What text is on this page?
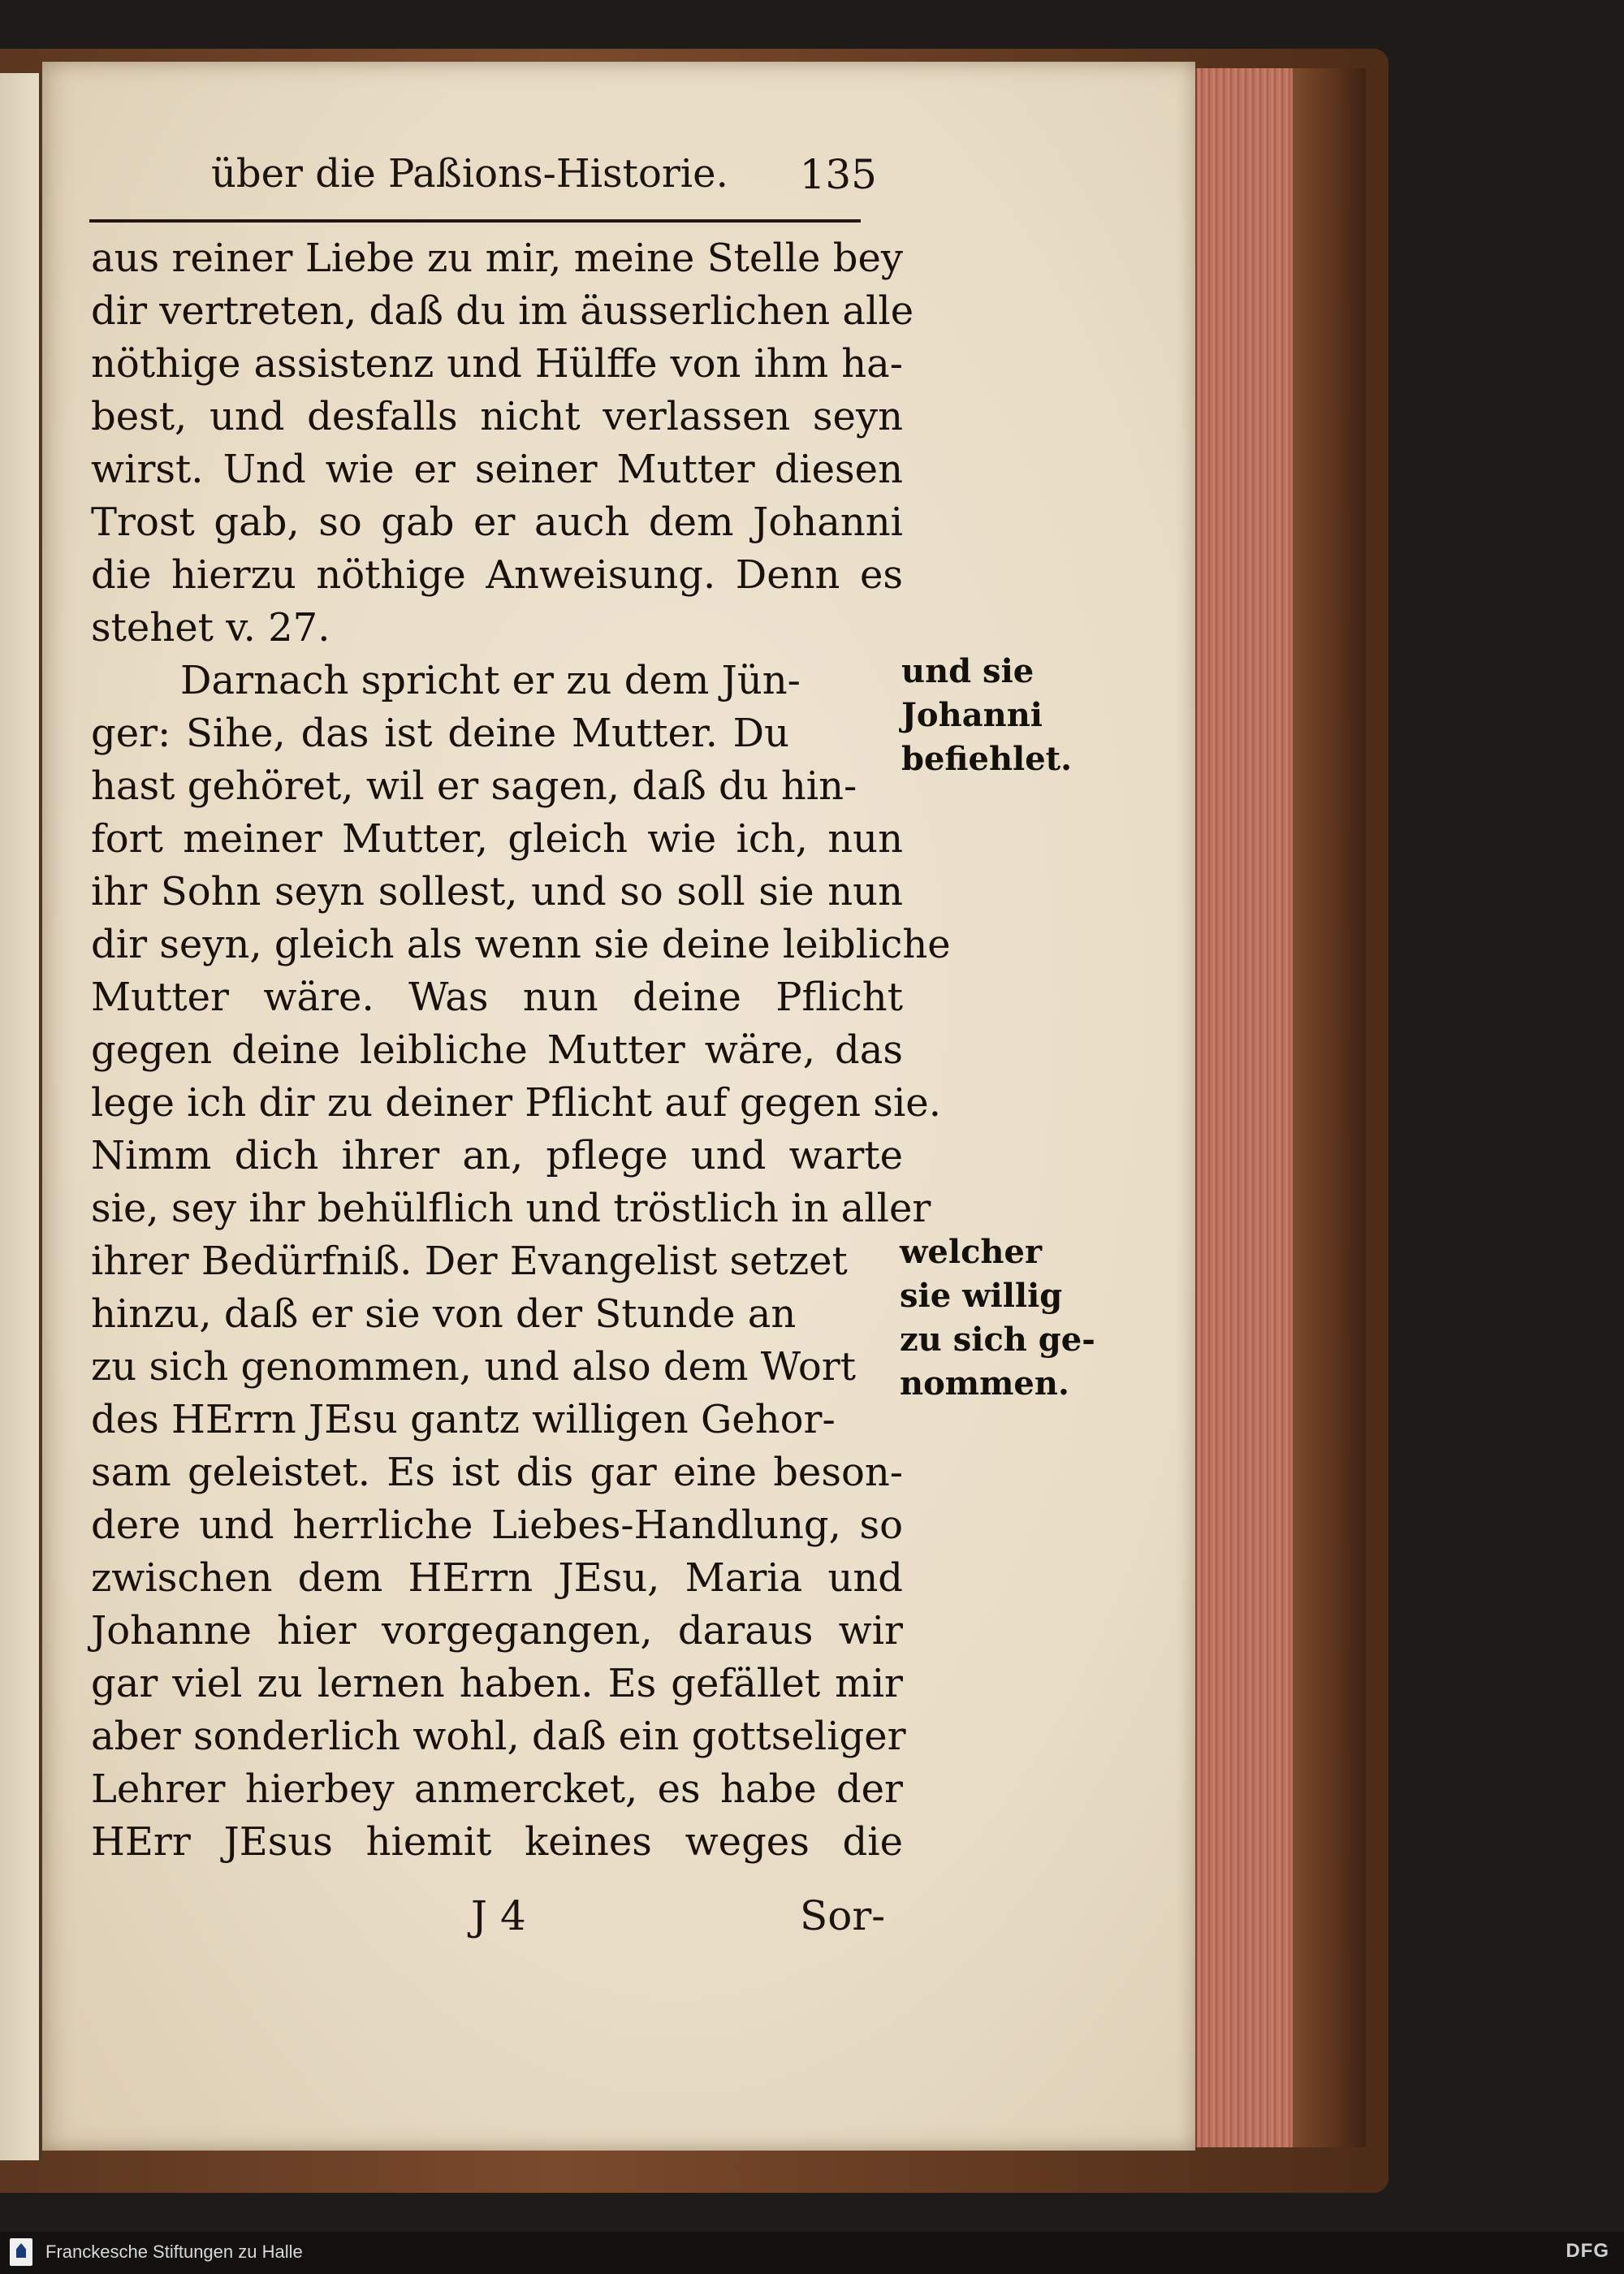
über die Paßions-Historie. 135
aus reiner Liebe zu mir, meine Stelle bey
dir vertreten, daß du im äusserlichen alle
nöthige assistenz und Hülffe von ihm ha-
best, und desfalls nicht verlassen seyn
wirst. Und wie er seiner Mutter diesen
Trost gab, so gab er auch dem Johanni
die hierzu nöthige Anweisung. Denn es
stehet v. 27.
Darnach spricht er zu dem Jün-
ger: Sihe, das ist deine Mutter. Du
hast gehöret, wil er sagen, daß du hin-
fort meiner Mutter, gleich wie ich, nun
ihr Sohn seyn sollest, und so soll sie nun
dir seyn, gleich als wenn sie deine leibliche
Mutter wäre. Was nun deine Pflicht
gegen deine leibliche Mutter wäre, das
lege ich dir zu deiner Pflicht auf gegen sie.
Nimm dich ihrer an, pflege und warte
sie, sey ihr behülflich und tröstlich in aller
ihrer Bedürfniß. Der Evangelist setzet
hinzu, daß er sie von der Stunde an
zu sich genommen, und also dem Wort
des HErrn JEsu gantz willigen Gehor-
sam geleistet. Es ist dis gar eine beson-
dere und herrliche Liebes-Handlung, so
zwischen dem HErrn JEsu, Maria und
Johanne hier vorgegangen, daraus wir
gar viel zu lernen haben. Es gefället mir
aber sonderlich wohl, daß ein gottseliger
Lehrer hierbey anmercket, es habe der
HErr JEsus hiemit keines weges die
und sie
Johanni
befiehlet.
welcher
sie willig
zu sich ge-
nommen.
J 4	Sor-
Franckesche Stiftungen zu Halle	DFG
